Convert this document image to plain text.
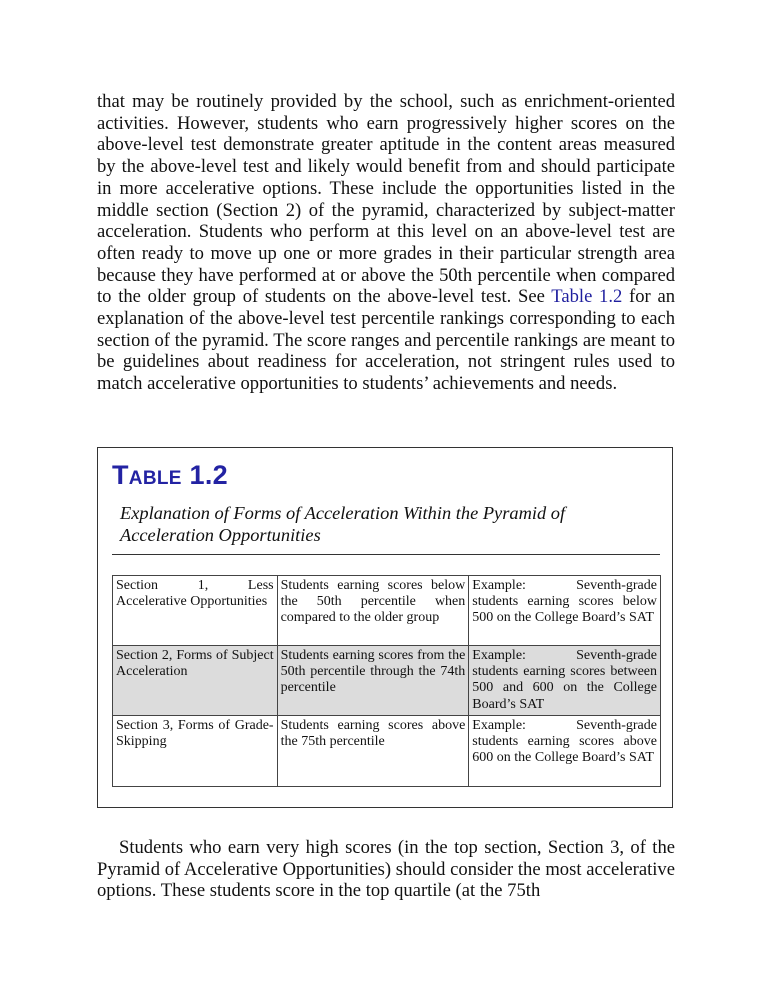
that may be routinely provided by the school, such as enrichment-oriented activities. However, students who earn progressively higher scores on the above-level test demonstrate greater aptitude in the content areas measured by the above-level test and likely would benefit from and should participate in more accelerative options. These include the opportunities listed in the middle section (Section 2) of the pyramid, characterized by subject-matter acceleration. Students who perform at this level on an above-level test are often ready to move up one or more grades in their particular strength area because they have performed at or above the 50th percentile when compared to the older group of students on the above-level test. See Table 1.2 for an explanation of the above-level test percentile rankings corresponding to each section of the pyramid. The score ranges and percentile rankings are meant to be guidelines about readiness for acceleration, not stringent rules used to match accelerative opportunities to students’ achievements and needs.

Table 1.2

Explanation of Forms of Acceleration Within the Pyramid of Acceleration Opportunities

Section 1, Less Accelerative Opportunities	Students earning scores below the 50th percentile when compared to the older group	Example: Seventh-grade students earning scores below 500 on the College Board’s SAT
Section 2, Forms of Subject Acceleration	Students earning scores from the 50th percentile through the 74th percentile	Example: Seventh-grade students earning scores between 500 and 600 on the College Board’s SAT
Section 3, Forms of Grade-Skipping	Students earning scores above the 75th percentile	Example: Seventh-grade students earning scores above 600 on the College Board’s SAT

Students who earn very high scores (in the top section, Section 3, of the Pyramid of Accelerative Opportunities) should consider the most accelerative options. These students score in the top quartile (at the 75th
